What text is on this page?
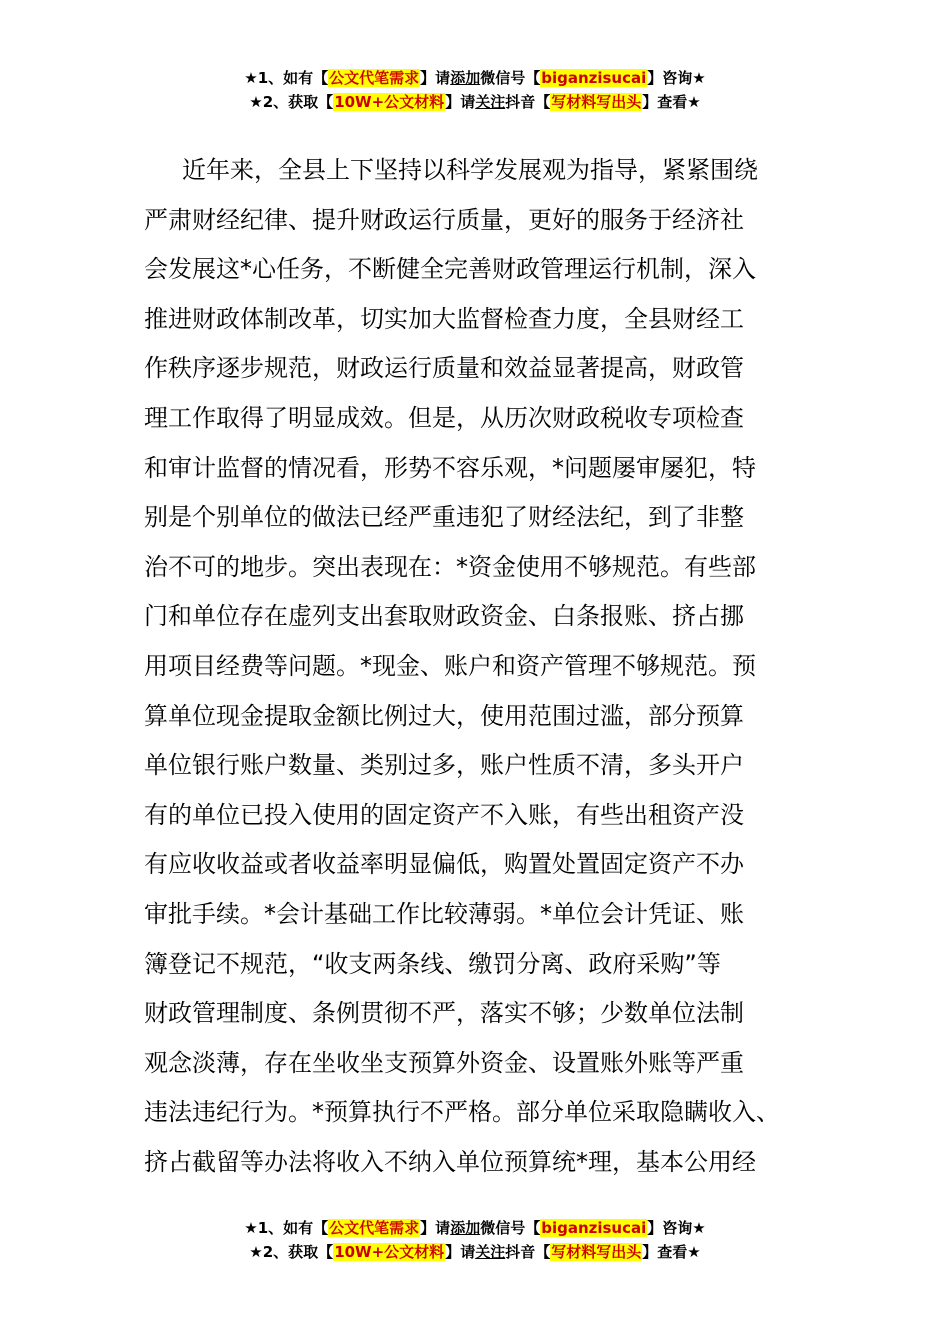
★1、如有【公文代笔需求】请添加微信号【biganzisucai】咨询★
★2、获取【10W+公文材料】请关注抖音【写材料写出头】查看★
近年来，全县上下坚持以科学发展观为指导，紧紧围绕
严肃财经纪律、提升财政运行质量，更好的服务于经济社
会发展这*心任务，不断健全完善财政管理运行机制，深入
推进财政体制改革，切实加大监督检查力度，全县财经工
作秩序逐步规范，财政运行质量和效益显著提高，财政管
理工作取得了明显成效。但是，从历次财政税收专项检查
和审计监督的情况看，形势不容乐观，*问题屡审屡犯，特
别是个别单位的做法已经严重违犯了财经法纪，到了非整
治不可的地步。突出表现在：*资金使用不够规范。有些部
门和单位存在虚列支出套取财政资金、白条报账、挤占挪
用项目经费等问题。*现金、账户和资产管理不够规范。预
算单位现金提取金额比例过大，使用范围过滥，部分预算
单位银行账户数量、类别过多，账户性质不清，多头开户
有的单位已投入使用的固定资产不入账，有些出租资产没
有应收收益或者收益率明显偏低，购置处置固定资产不办
审批手续。*会计基础工作比较薄弱。*单位会计凭证、账
簿登记不规范，“收支两条线、缴罚分离、政府采购”等
财政管理制度、条例贯彻不严，落实不够；少数单位法制
观念淡薄，存在坐收坐支预算外资金、设置账外账等严重
违法违纪行为。*预算执行不严格。部分单位采取隐瞒收入、
挤占截留等办法将收入不纳入单位预算统*理，基本公用经
★1、如有【公文代笔需求】请添加微信号【biganzisucai】咨询★
★2、获取【10W+公文材料】请关注抖音【写材料写出头】查看★
